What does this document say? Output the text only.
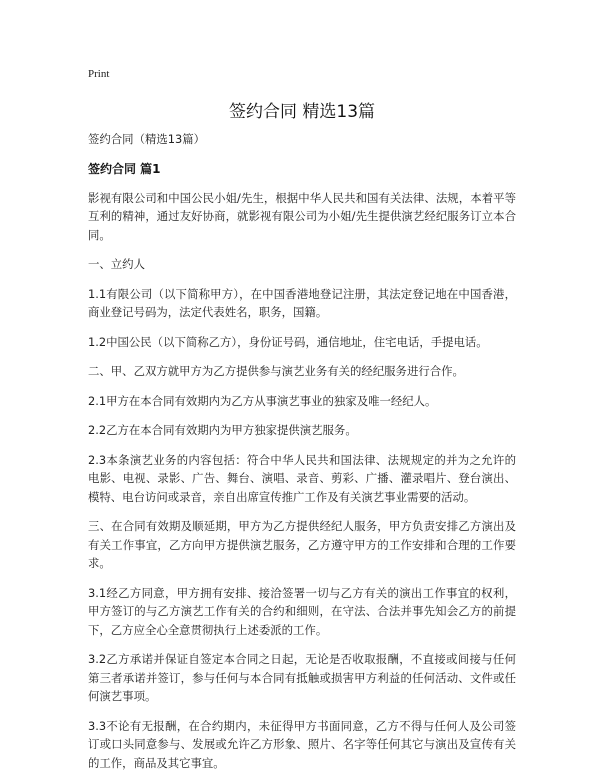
Print
签约合同 精选13篇
签约合同（精选13篇）
签约合同 篇1
影视有限公司和中国公民小姐/先生，根据中华人民共和国有关法律、法规，本着平等互利的精神，通过友好协商，就影视有限公司为小姐/先生提供演艺经纪服务订立本合同。
一、立约人
1.1有限公司（以下简称甲方），在中国香港地登记注册，其法定登记地在中国香港，商业登记号码为，法定代表姓名，职务，国籍。
1.2中国公民（以下简称乙方），身份证号码，通信地址，住宅电话，手提电话。
二、甲、乙双方就甲方为乙方提供参与演艺业务有关的经纪服务进行合作。
2.1甲方在本合同有效期内为乙方从事演艺事业的独家及唯一经纪人。
2.2乙方在本合同有效期内为甲方独家提供演艺服务。
2.3本条演艺业务的内容包括：符合中华人民共和国法律、法规规定的并为之允许的电影、电视、录影、广告、舞台、演唱、录音、剪彩、广播、灌录唱片、登台演出、模特、电台访问或录音，亲自出席宣传推广工作及有关演艺事业需要的活动。
三、在合同有效期及顺延期，甲方为乙方提供经纪人服务，甲方负责安排乙方演出及有关工作事宜，乙方向甲方提供演艺服务，乙方遵守甲方的工作安排和合理的工作要求。
3.1经乙方同意，甲方拥有安排、接洽签署一切与乙方有关的演出工作事宜的权利，甲方签订的与乙方演艺工作有关的合约和细则，在守法、合法并事先知会乙方的前提下，乙方应全心全意贯彻执行上述委派的工作。
3.2乙方承诺并保证自签定本合同之日起，无论是否收取报酬，不直接或间接与任何第三者承诺并签订，参与任何与本合同有抵触或损害甲方利益的任何活动、文件或任何演艺事项。
3.3不论有无报酬，在合约期内，未征得甲方书面同意，乙方不得与任何人及公司签订或口头同意参与、发展或允许乙方形象、照片、名字等任何其它与演出及宣传有关的工作，商品及其它事宜。
